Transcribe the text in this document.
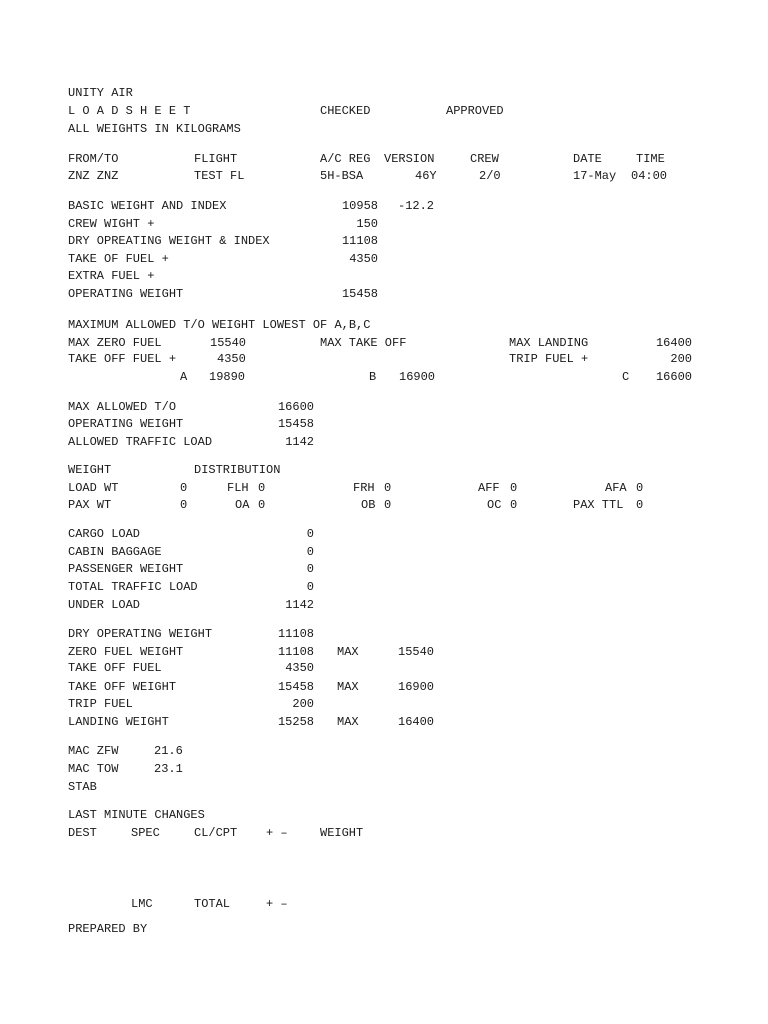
UNITY AIR
L O A D S H E E T	CHECKED	APPROVED
ALL WEIGHTS IN KILOGRAMS
FROM/TO	FLIGHT	A/C REG VERSION	CREW	DATE	TIME
ZNZ ZNZ	TEST FL	5H-BSA	46Y	2/0	17-May 04:00
BASIC WEIGHT AND INDEX	10958 -12.2
CREW WIGHT +	150
DRY OPREATING WEIGHT & INDEX	11108
TAKE OF FUEL +	4350
EXTRA FUEL +
OPERATING WEIGHT	15458
MAXIMUM ALLOWED T/O WEIGHT LOWEST OF A,B,C
MAX ZERO FUEL	15540	MAX TAKE OFF	MAX LANDING	16400
TAKE OFF FUEL +	4350	TRIP FUEL +	200
A 19890	B 16900	C	16600
MAX ALLOWED T/O	16600
OPERATING WEIGHT	15458
ALLOWED TRAFFIC LOAD	1142
WEIGHT	DISTRIBUTION
LOAD WT	0	FLH 0	FRH 0	AFF 0	AFA 0
PAX WT	0	OA 0	OB 0	OC 0	PAX TTL 0
CARGO LOAD	0
CABIN BAGGAGE	0
PASSENGER WEIGHT	0
TOTAL TRAFFIC LOAD	0
UNDER LOAD	1142
DRY OPERATING WEIGHT	11108
ZERO FUEL WEIGHT	11108 MAX	15540
TAKE OFF FUEL	4350
TAKE OFF WEIGHT	15458 MAX	16900
TRIP FUEL	200
LANDING WEIGHT	15258 MAX	16400
MAC ZFW	21.6
MAC TOW	23.1
STAB
LAST MINUTE CHANGES
DEST	SPEC	CL/CPT + –	WEIGHT
LMC	TOTAL	+ –
PREPARED BY
